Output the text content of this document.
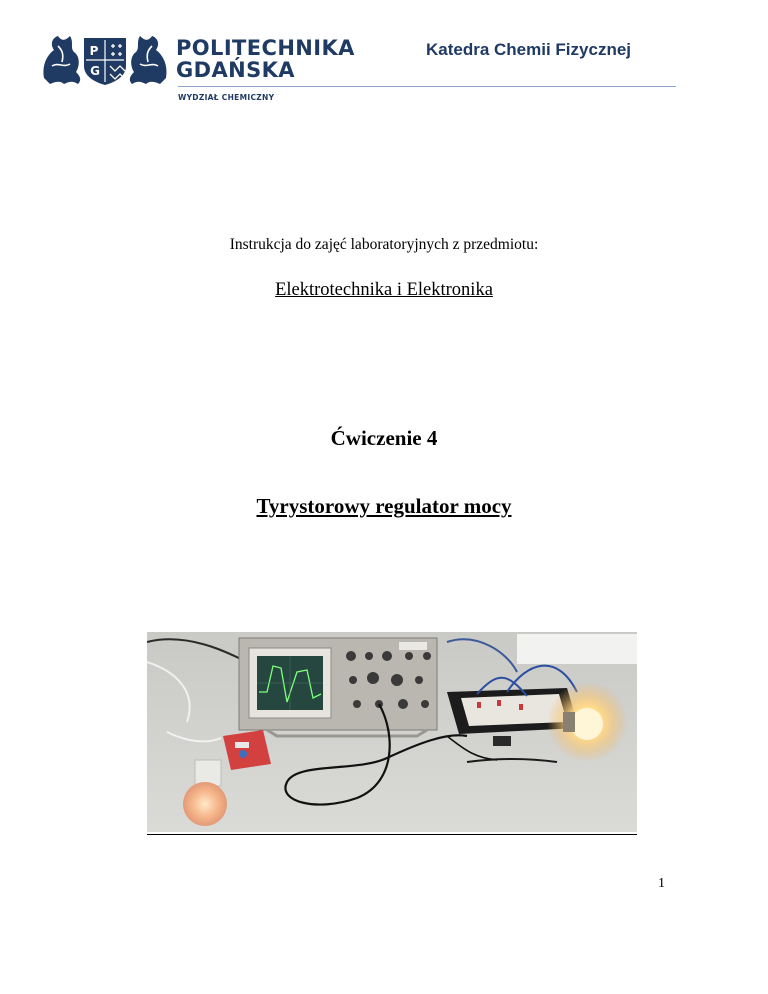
P
G
POLITECHNIKA
GDAŃSKA
WYDZIAŁ CHEMICZNY
Katedra Chemii Fizycznej
Instrukcja do zajęć laboratoryjnych z przedmiotu:
Elektrotechnika i Elektronika
Ćwiczenie 4
Tyrystorowy regulator mocy
1
